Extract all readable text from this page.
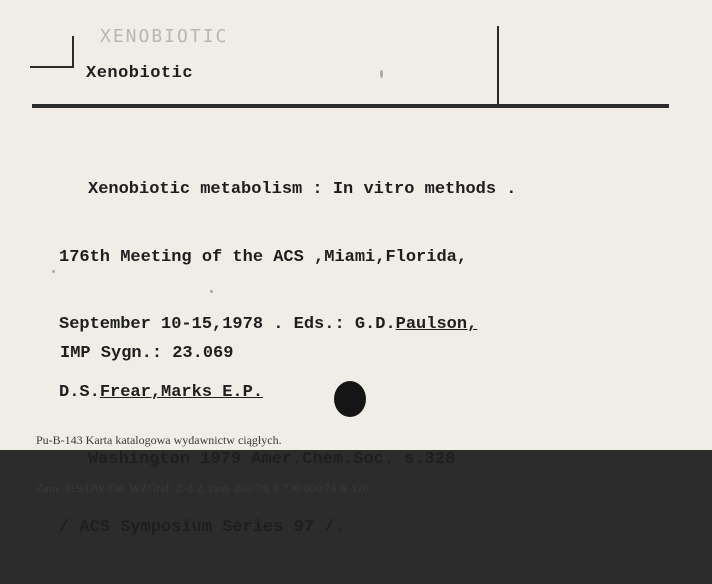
XENOBIOTIC
Xenobiotic

Xenobiotic metabolism : In vitro methods .

176th Meeting of the ACS ,Miami,Florida,

September 10-15,1978 . Eds.: G.D.Paulson,

D.S.Frear,Marks E.P.

Washington 1979 Amer.Chem.Soc. s.328

/ ACS Symposium Series 97 /.

IMP Sygn.: 23.069

Pu-B-143 Karta katalogowa wydawnictw ciągłych.

Zam. 319/DW/On  WZGraf. Z-d 2, zam. 202/78, 1 730 000 74 X 120
